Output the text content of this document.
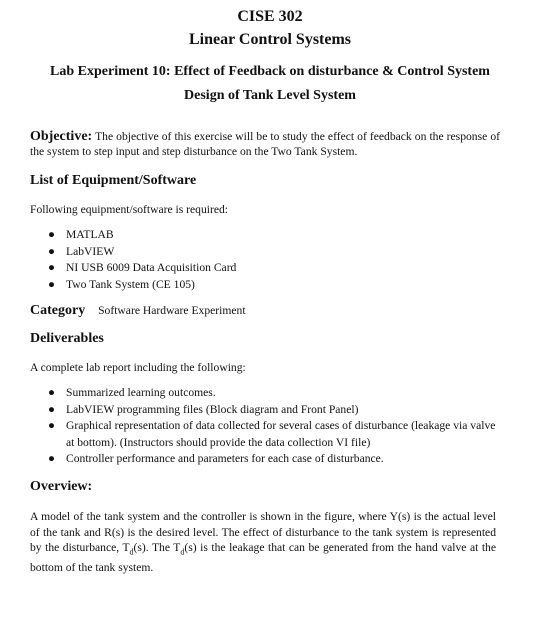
CISE 302
Linear Control Systems
Lab Experiment 10: Effect of Feedback on disturbance & Control System
Design of Tank Level System
Objective: The objective of this exercise will be to study the effect of feedback on the response of the system to step input and step disturbance on the Two Tank System.
List of Equipment/Software
Following equipment/software is required:
● MATLAB
● LabVIEW
● NI USB 6009 Data Acquisition Card
● Two Tank System (CE 105)
Category Software Hardware Experiment
Deliverables
A complete lab report including the following:
● Summarized learning outcomes.
● LabVIEW programming files (Block diagram and Front Panel)
● Graphical representation of data collected for several cases of disturbance (leakage via valve at bottom). (Instructors should provide the data collection VI file)
● Controller performance and parameters for each case of disturbance.
Overview:
A model of the tank system and the controller is shown in the figure, where Y(s) is the actual level of the tank and R(s) is the desired level. The effect of disturbance to the tank system is represented by the disturbance, $T_d(s)$. The $T_d(s)$ is the leakage that can be generated from the hand valve at the bottom of the tank system.
